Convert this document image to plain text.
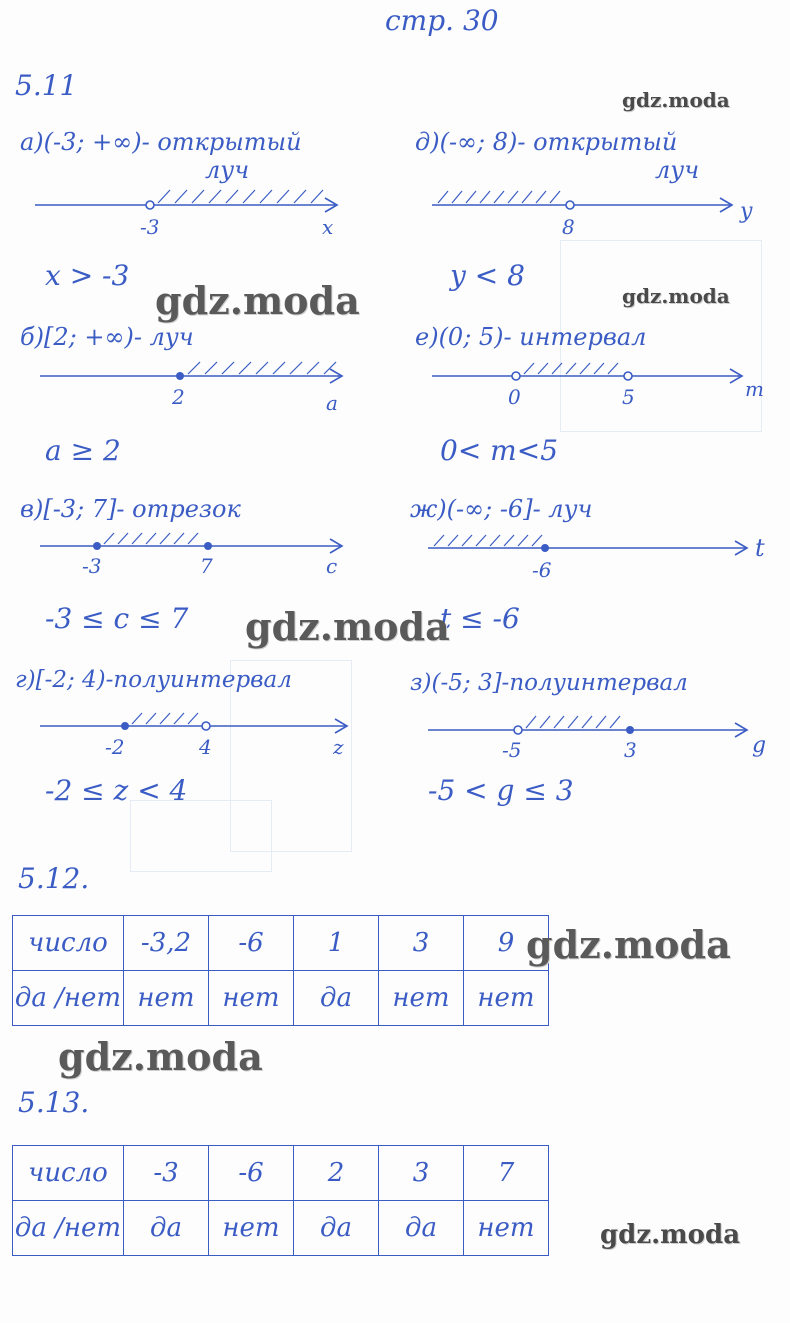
стр. 30
5.11
а)(-3; +∞)- открытый
луч
-3	x
x > -3
б)[2; +∞)- луч
2	a
a ≥ 2
в)[-3; 7]- отрезок
-3	7	c
-3 ≤ c ≤ 7
г)[-2; 4)-полуинтервал
-2	4	z
-2 ≤ z < 4
д)(-∞; 8)- открытый
луч
8
y
y < 8
е)(0; 5)- интервал
0	5	m
0< m<5
ж)(-∞; -6]- луч
-6
t
t ≤ -6
з)(-5; 3]-полуинтервал
-5	3	g
-5 < g ≤ 3
5.12.
5.13.
число	-3,2	-6	1	3	9
да /нет	нет	нет	да	нет	нет
число	-3	-6	2	3	7
да /нет	да	нет	да	да	нет
gdz.moda
gdz.moda	gdz.moda
gdz.moda
gdz.moda
gdz.moda
gdz.moda
